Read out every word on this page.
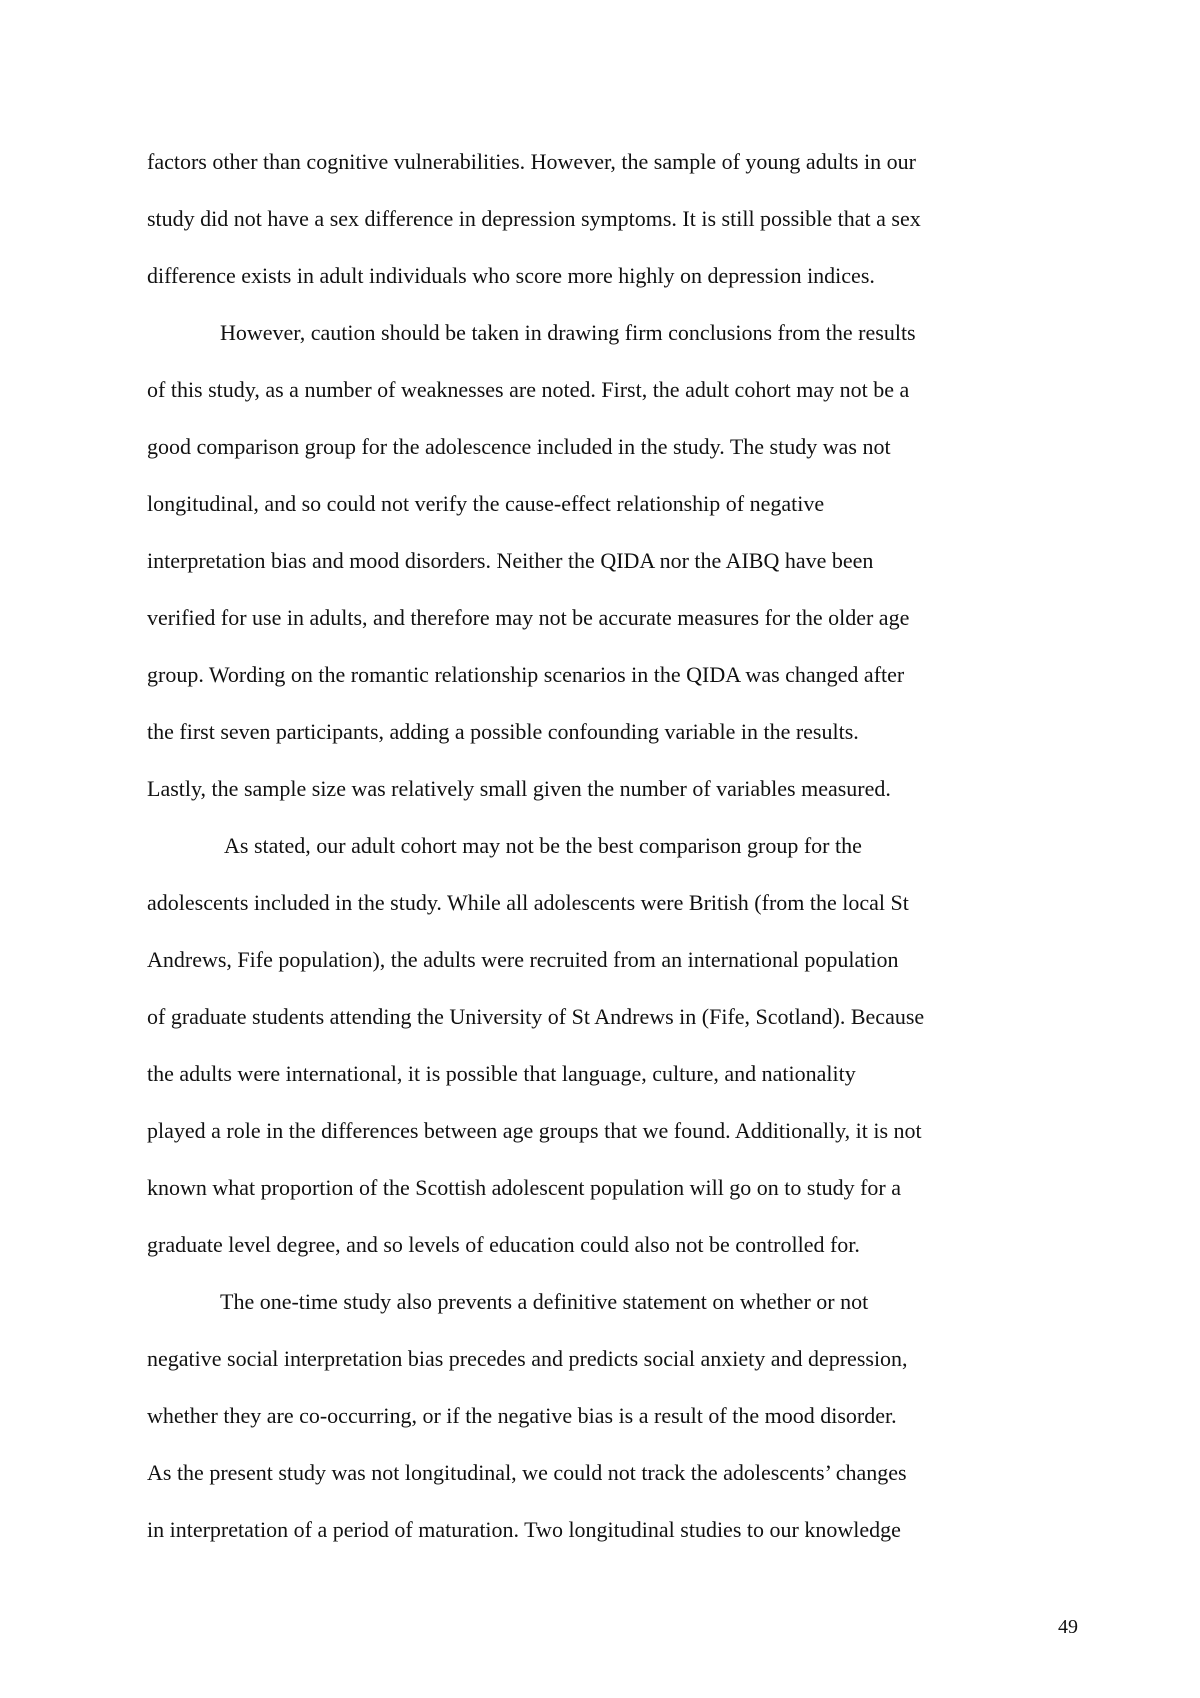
factors other than cognitive vulnerabilities. However, the sample of young adults in our
study did not have a sex difference in depression symptoms. It is still possible that a sex
difference exists in adult individuals who score more highly on depression indices.
However, caution should be taken in drawing firm conclusions from the results
of this study, as a number of weaknesses are noted. First, the adult cohort may not be a
good comparison group for the adolescence included in the study. The study was not
longitudinal, and so could not verify the cause-effect relationship of negative
interpretation bias and mood disorders. Neither the QIDA nor the AIBQ have been
verified for use in adults, and therefore may not be accurate measures for the older age
group. Wording on the romantic relationship scenarios in the QIDA was changed after
the first seven participants, adding a possible confounding variable in the results.
Lastly, the sample size was relatively small given the number of variables measured.
As stated, our adult cohort may not be the best comparison group for the
adolescents included in the study. While all adolescents were British (from the local St
Andrews, Fife population), the adults were recruited from an international population
of graduate students attending the University of St Andrews in (Fife, Scotland). Because
the adults were international, it is possible that language, culture, and nationality
played a role in the differences between age groups that we found. Additionally, it is not
known what proportion of the Scottish adolescent population will go on to study for a
graduate level degree, and so levels of education could also not be controlled for.
The one-time study also prevents a definitive statement on whether or not
negative social interpretation bias precedes and predicts social anxiety and depression,
whether they are co-occurring, or if the negative bias is a result of the mood disorder.
As the present study was not longitudinal, we could not track the adolescents’ changes
in interpretation of a period of maturation. Two longitudinal studies to our knowledge
49
